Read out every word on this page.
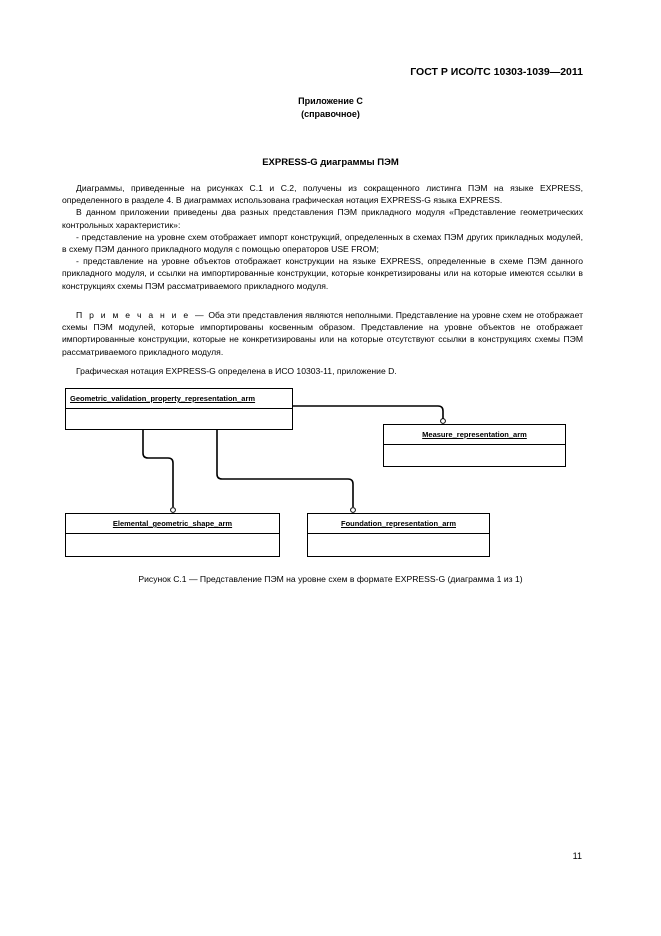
ГОСТ Р ИСО/ТС 10303-1039—2011
Приложение С
(справочное)
EXPRESS-G диаграммы ПЭМ

Диаграммы, приведенные на рисунках С.1 и С.2, получены из сокращенного листинга ПЭМ на языке EXPRESS, определенного в разделе 4. В диаграммах использована графическая нотация EXPRESS-G языка EXPRESS.

В данном приложении приведены два разных представления ПЭМ прикладного модуля «Представление геометрических контрольных характеристик»:

- представление на уровне схем отображает импорт конструкций, определенных в схемах ПЭМ других прикладных модулей, в схему ПЭМ данного прикладного модуля с помощью операторов USE FROM;

- представление на уровне объектов отображает конструкции на языке EXPRESS, определенные в схеме ПЭМ данного прикладного модуля, и ссылки на импортированные конструкции, которые конкретизированы или на которые имеются ссылки в конструкциях схемы ПЭМ рассматриваемого прикладного модуля.

П р и м е ч а н и е — Оба эти представления являются неполными. Представление на уровне схем не отображает схемы ПЭМ модулей, которые импортированы косвенным образом. Представление на уровне объектов не отображает импортированные конструкции, которые не конкретизированы или на которые отсутствуют ссылки в конструкциях схемы ПЭМ рассматриваемого прикладного модуля.

Графическая нотация EXPRESS-G определена в ИСО 10303-11, приложение D.

Geometric_validation_property_representation_arm
Measure_representation_arm
Elemental_geometric_shape_arm	Foundation_representation_arm
Рисунок С.1 — Представление ПЭМ на уровне схем в формате EXPRESS-G (диаграмма 1 из 1)
11
